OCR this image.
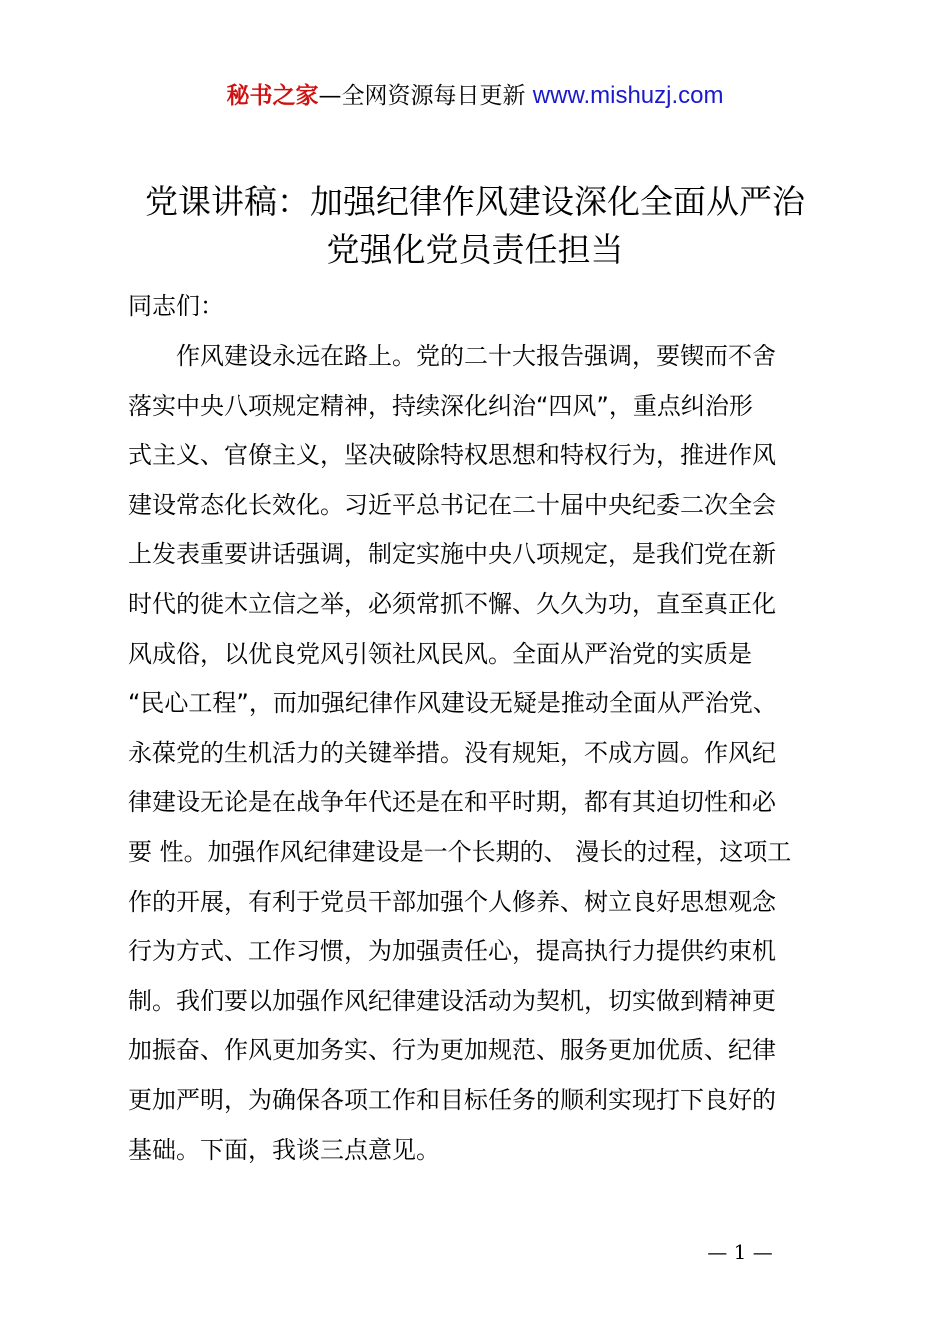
秘书之家—全网资源每日更新 www.mishuzj.com
党课讲稿：加强纪律作风建设深化全面从严治
党强化党员责任担当

同志们：

　　作风建设永远在路上。党的二十大报告强调，要锲而不舍
落实中央八项规定精神，持续深化纠治“四风”，重点纠治形
式主义、官僚主义，坚决破除特权思想和特权行为，推进作风
建设常态化长效化。习近平总书记在二十届中央纪委二次全会
上发表重要讲话强调，制定实施中央八项规定，是我们党在新
时代的徙木立信之举，必须常抓不懈、久久为功，直至真正化
风成俗，以优良党风引领社风民风。全面从严治党的实质是
“民心工程”，而加强纪律作风建设无疑是推动全面从严治党、
永葆党的生机活力的关键举措。没有规矩，不成方圆。作风纪
律建设无论是在战争年代还是在和平时期，都有其迫切性和必
要 性。加强作风纪律建设是一个长期的、 漫长的过程，这项工
作的开展，有利于党员干部加强个人修养、树立良好思想观念
行为方式、工作习惯，为加强责任心，提高执行力提供约束机
制。我们要以加强作风纪律建设活动为契机，切实做到精神更
加振奋、作风更加务实、行为更加规范、服务更加优质、纪律
更加严明，为确保各项工作和目标任务的顺利实现打下良好的
基础。下面，我谈三点意见。
— 1 —
